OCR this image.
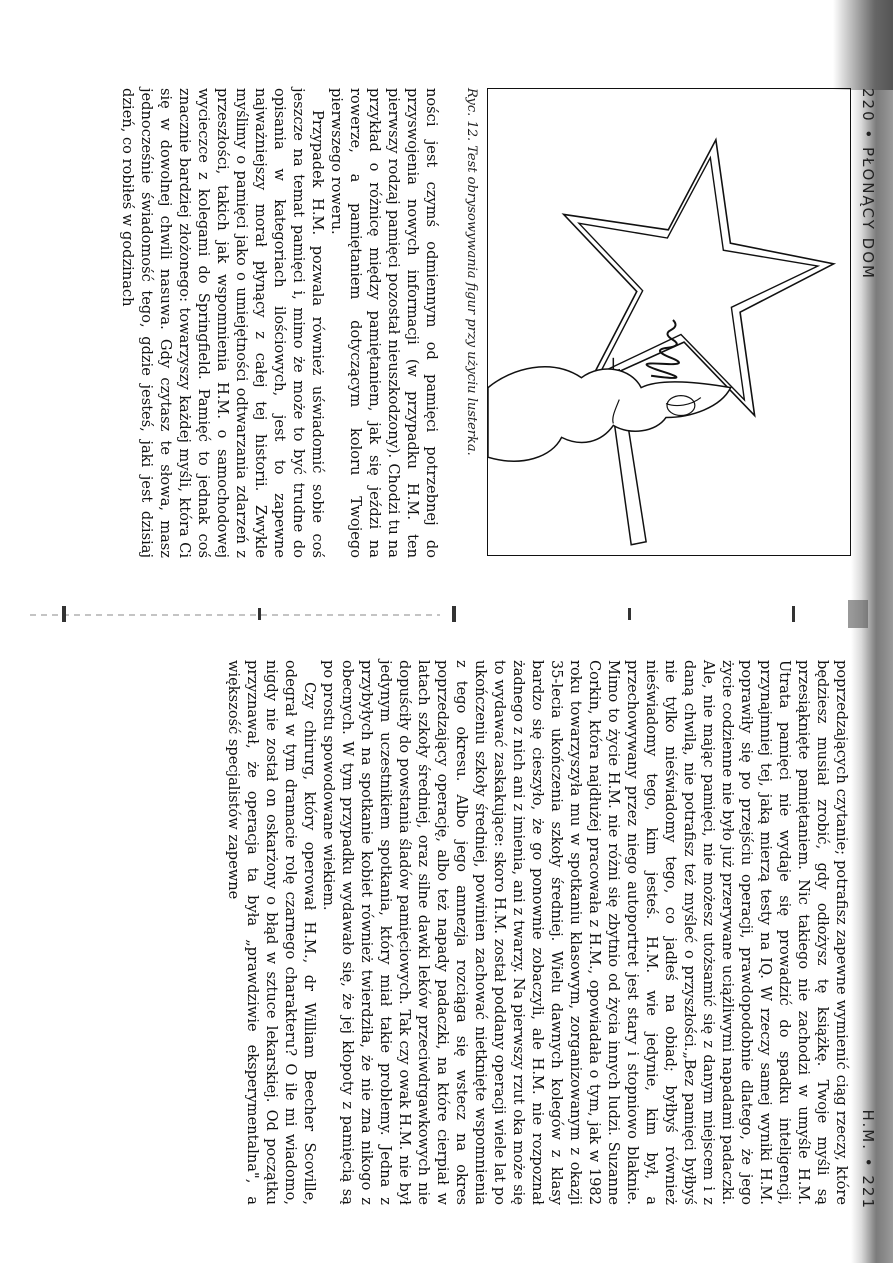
220 • PŁONĄCY DOM
Ryc. 12. Test obrysowywania figur przy użyciu lusterka.

ności jest czymś odmiennym od pamięci potrzebnej do przyswojenia nowych informacji (w przypadku H.M. ten pierwszy rodzaj pamięci pozostał nieuszkodzony). Chodzi tu na przykład o różnicę między pamiętaniem, jak się jeździ na rowerze, a pamiętaniem dotyczącym koloru Twojego pierwszego roweru.

Przypadek H.M. pozwala również uświadomić sobie coś jeszcze na temat pamięci i, mimo że może to być trudne do opisania w kategoriach ilościowych, jest to zapewne najważniejszy morał płynący z całej tej historii. Zwykle myślimy o pamięci jako o umiejętności odtwarzania zdarzeń z przeszłości, takich jak wspomnienia H.M. o samochodowej wycieczce z kolegami do Springfield. Pamięć to jednak coś znacznie bardziej złożonego: towarzyszy każdej myśli, która Ci się w dowolnej chwili nasuwa. Gdy czytasz te słowa, masz jednocześnie świadomość tego, gdzie jesteś, jaki jest dzisiaj dzień, co robiłeś w godzinach

H.M. • 221

poprzedzających czytanie; potrafisz zapewne wymienić ciąg rzeczy, które będziesz musiał zrobić, gdy odłożysz tę książkę. Twoje myśli są przesiąknięte pamiętaniem. Nic takiego nie zachodzi w umyśle H.M. Utrata pamięci nie wydaje się prowadzić do spadku inteligencji, przynajmniej tej, jaką mierzą testy na IQ. W rzeczy samej wyniki H.M. poprawiły się po przejściu operacji, prawdopodobnie dlatego, że jego życie codzienne nie było już przerywane uciążliwymi napadami padaczki. Ale, nie mając pamięci, nie możesz utożsamić się z danym miejscem i z daną chwilą, nie potrafisz też myśleć o przyszłości.„Bez pamięci byłbyś nie tylko nieświadomy tego, co jadłeś na obiad; byłbyś również nieświadomy tego, kim jesteś. H.M. wie jedynie, kim był, a przechowywany przez niego autoportret jest stary i stopniowo blaknie. Mimo to życie H.M. nie różni się zbytnio od życia innych ludzi. Suzanne Corkin, która najdłużej pracowała z H.M., opowiadała o tym, jak w 1982 roku towarzyszyła mu w spotkaniu klasowym, zorganizowanym z okazji 35-lecia ukończenia szkoły średniej. Wielu dawnych kolegów z klasy bardzo się cieszyło, że go ponownie zobaczyli, ale H.M. nie rozpoznał żadnego z nich ani z imienia, ani z twarzy. Na pierwszy rzut oka może się to wydawać zaskakujące: skoro H.M. został poddany operacji wiele lat po ukończeniu szkoły średniej, powinien zachować nietknięte wspomnienia z tego okresu. Albo jego amnezja rozciąga się wstecz na okres poprzedzający operację, albo też napady padaczki, na które cierpiał w latach szkoły średniej, oraz silne dawki leków przeciwdrgawkowych nie dopuściły do powstania śladów pamięciowych. Tak czy owak H.M. nie był jedynym uczestnikiem spotkania, który miał takie problemy. Jedna z przybyłych na spotkanie kobiet również twierdziła, że nie zna nikogo z obecnych. W tym przypadku wydawało się, że jej kłopoty z pamięcią są po prostu spowodowane wiekiem.

Czy chirurg, który operował H.M., dr William Beecher Scoville, odegrał w tym dramacie rolę czarnego charakteru? O ile mi wiadomo, nigdy nie został on oskarżony o błąd w sztuce lekarskiej. Od początku przyznawał, że operacja ta była „prawdziwie eksperymentalna", a większość specjalistów zapewne
